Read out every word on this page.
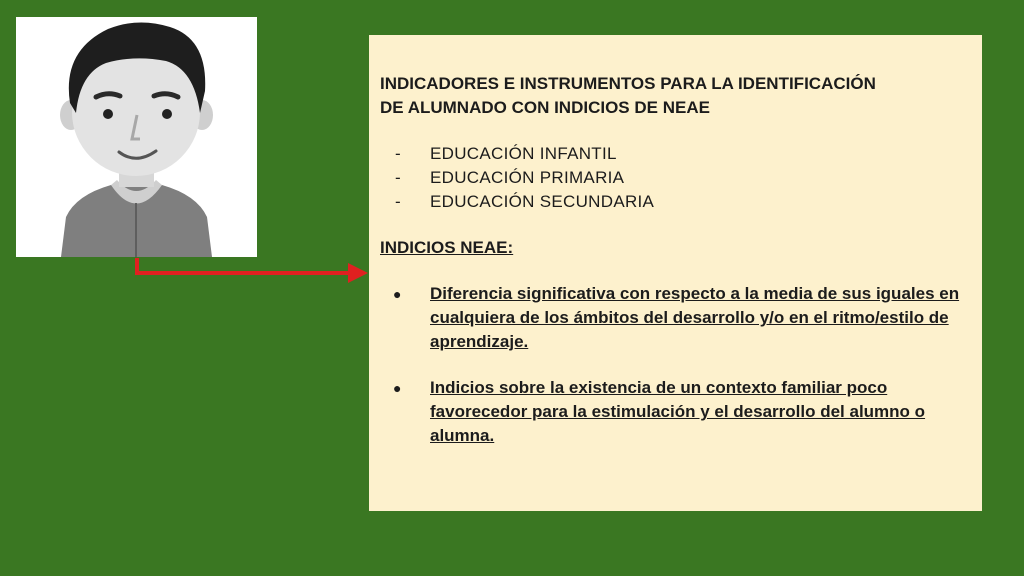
INDICADORES E INSTRUMENTOS PARA LA IDENTIFICACIÓN
DE ALUMNADO CON INDICIOS DE NEAE

-	EDUCACIÓN INFANTIL
-	EDUCACIÓN PRIMARIA
-	EDUCACIÓN SECUNDARIA

INDICIOS NEAE:

●	Diferencia significativa con respecto a la media de sus iguales en cualquiera de los ámbitos del desarrollo y/o en el ritmo/estilo de aprendizaje.
●	Indicios sobre la existencia de un contexto familiar poco favorecedor para la estimulación y el desarrollo del alumno o alumna.
